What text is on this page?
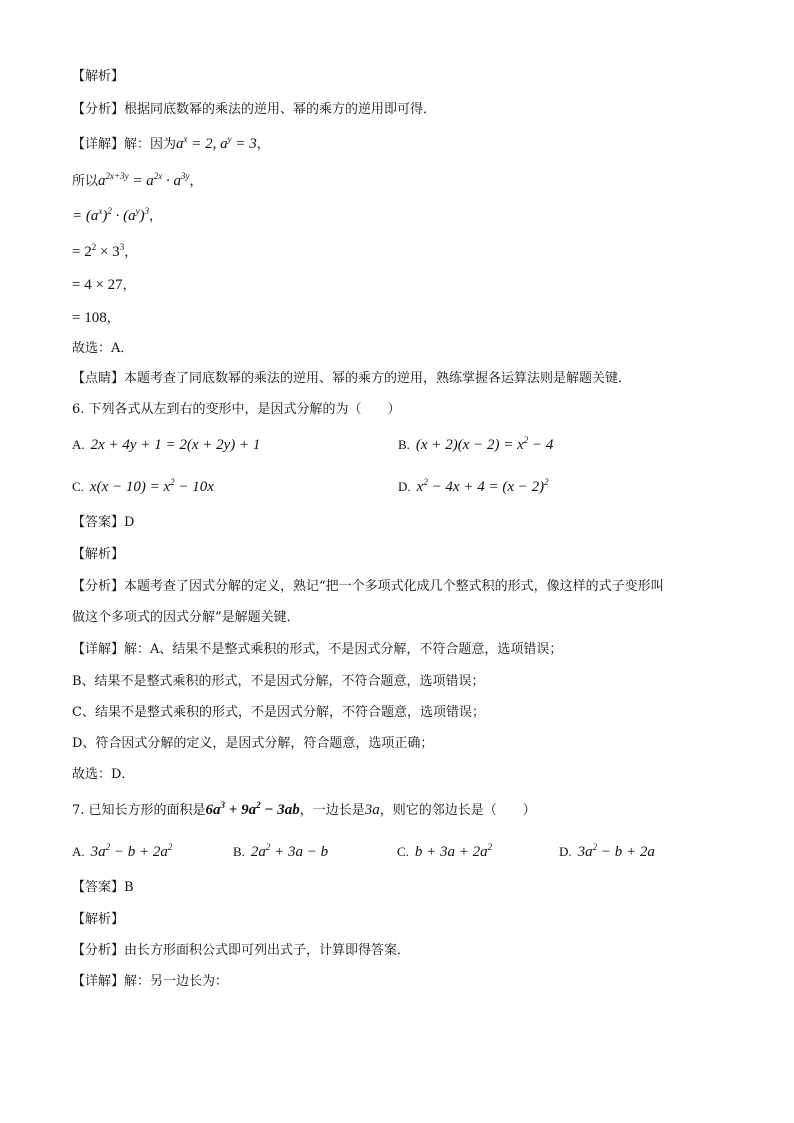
【解析】
【分析】根据同底数幂的乘法的逆用、幂的乘方的逆用即可得．
【详解】解：因为$a^x = 2$, $a^y = 3$，
所以$a^{2x+3y} = a^{2x} \cdot a^{3y}$，
= $(a^x)^2 \cdot (a^y)^3$，
= $2^2 \times 3^3$，
= 4 × 27，
= 108，
故选：A．
【点睛】本题考查了同底数幂的乘法的逆用、幂的乘方的逆用，熟练掌握各运算法则是解题关键．
6. 下列各式从左到右的变形中，是因式分解的为（　　）
A. 2x + 4y + 1 = 2(x + 2y) + 1	B. $(x + 2)(x - 2) = x^2 - 4$
C. $x(x - 10) = x^2 - 10x$	D. $x^2 - 4x + 4 = (x - 2)^2$
【答案】D
【解析】
【分析】本题考查了因式分解的定义，熟记“把一个多项式化成几个整式积的形式，像这样的式子变形叫
做这个多项式的因式分解”是解题关键．
【详解】解：A、结果不是整式乘积的形式，不是因式分解，不符合题意，选项错误；
B、结果不是整式乘积的形式，不是因式分解，不符合题意，选项错误；
C、结果不是整式乘积的形式，不是因式分解，不符合题意，选项错误；
D、符合因式分解的定义，是因式分解，符合题意，选项正确；
故选：D．
7. 已知长方形的面积是$6a^3 + 9a^2 - 3ab$，一边长是3a，则它的邻边长是（　　）
A. $3a^2 - b + 2a^2$	B. $2a^2 + 3a - b$	C. $b + 3a + 2a^2$	D. $3a^2 - b + 2a$
【答案】B
【解析】
【分析】由长方形面积公式即可列出式子，计算即得答案．
【详解】解：另一边长为：
